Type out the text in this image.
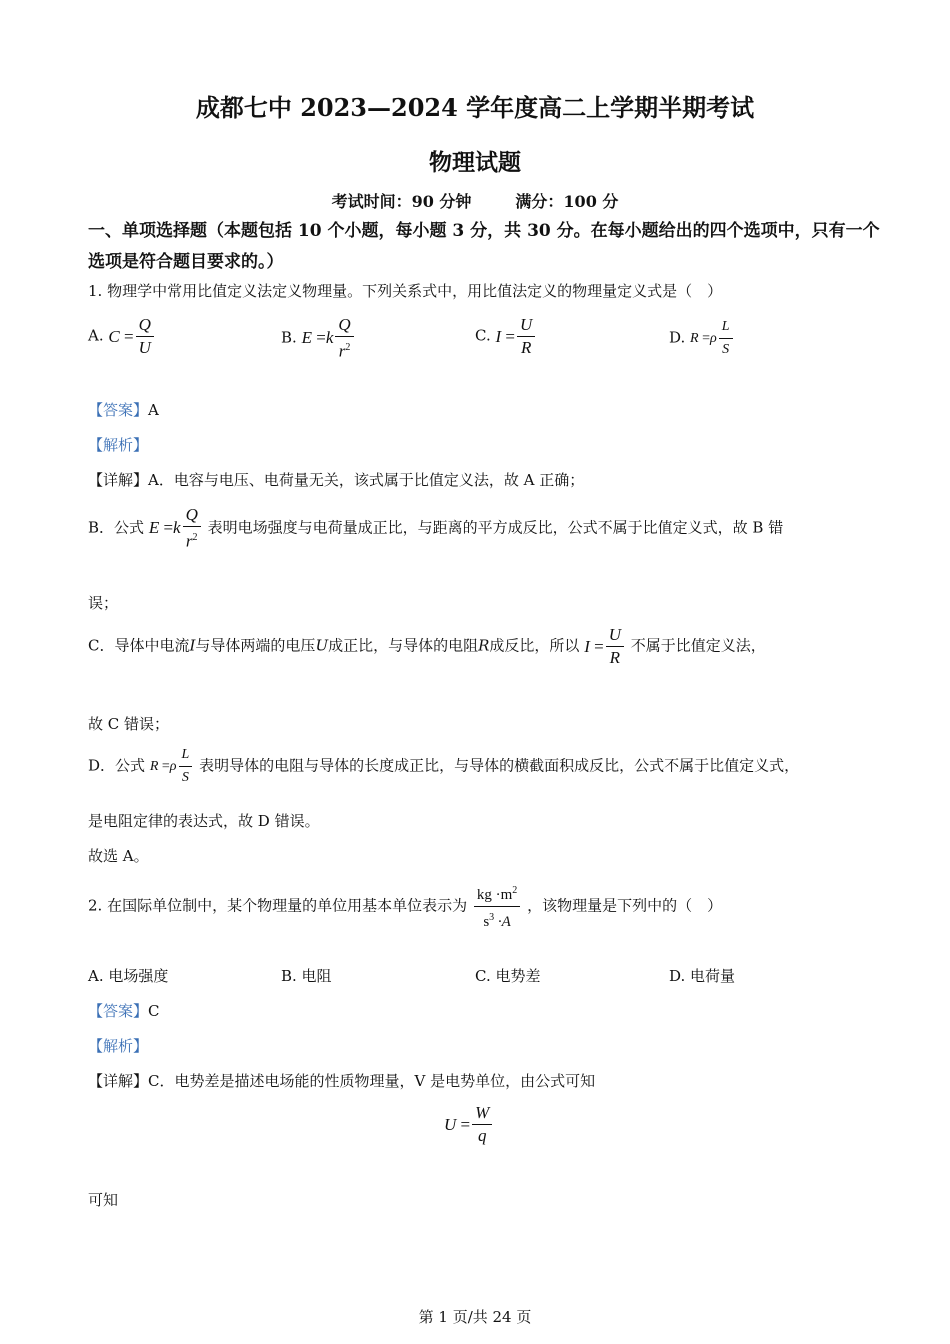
成都七中 2023—2024 学年度高二上学期半期考试
物理试题
考试时间：90 分钟	满分：100 分
一、单项选择题（本题包括 10 个小题，每小题 3 分，共 30 分。在每小题给出的四个选项中，只有一个选项是符合题目要求的。）
1. 物理学中常用比值定义法定义物理量。下列关系式中，用比值法定义的物理量定义式是（　）
A. $C = \frac{Q}{U}$	B. E = k $\frac{Q}{r^2}$	C. $I = \frac{U}{R}$	D. R = ρ $\frac{L}{S}$
【答案】A
【解析】
【详解】A．电容与电压、电荷量无关，该式属于比值定义法，故 A 正确；
B．公式 E = k $\frac{Q}{r^2}$ 表明电场强度与电荷量成正比，与距离的平方成反比，公式不属于比值定义式，故 B 错
误；
C．导体中电流I与导体两端的电压U成正比，与导体的电阻R成反比，所以 $I = \frac{U}{R}$ 不属于比值定义法，
故 C 错误；
D．公式 R = ρ $\frac{L}{S}$ 表明导体的电阻与导体的长度成正比，与导体的横截面积成反比，公式不属于比值定义式，
是电阻定律的表达式，故 D 错误。
故选 A。
2. 在国际单位制中，某个物理量的单位用基本单位表示为 $\frac{kg \cdot m^2}{s^3 \cdot A}$ ，该物理量是下列中的（　）
A. 电场强度	B. 电阻	C. 电势差	D. 电荷量
【答案】C
【解析】
【详解】C．电势差是描述电场能的性质物理量，V 是电势单位，由公式可知
$U = \frac{W}{q}$
可知
第 1 页/共 24 页
